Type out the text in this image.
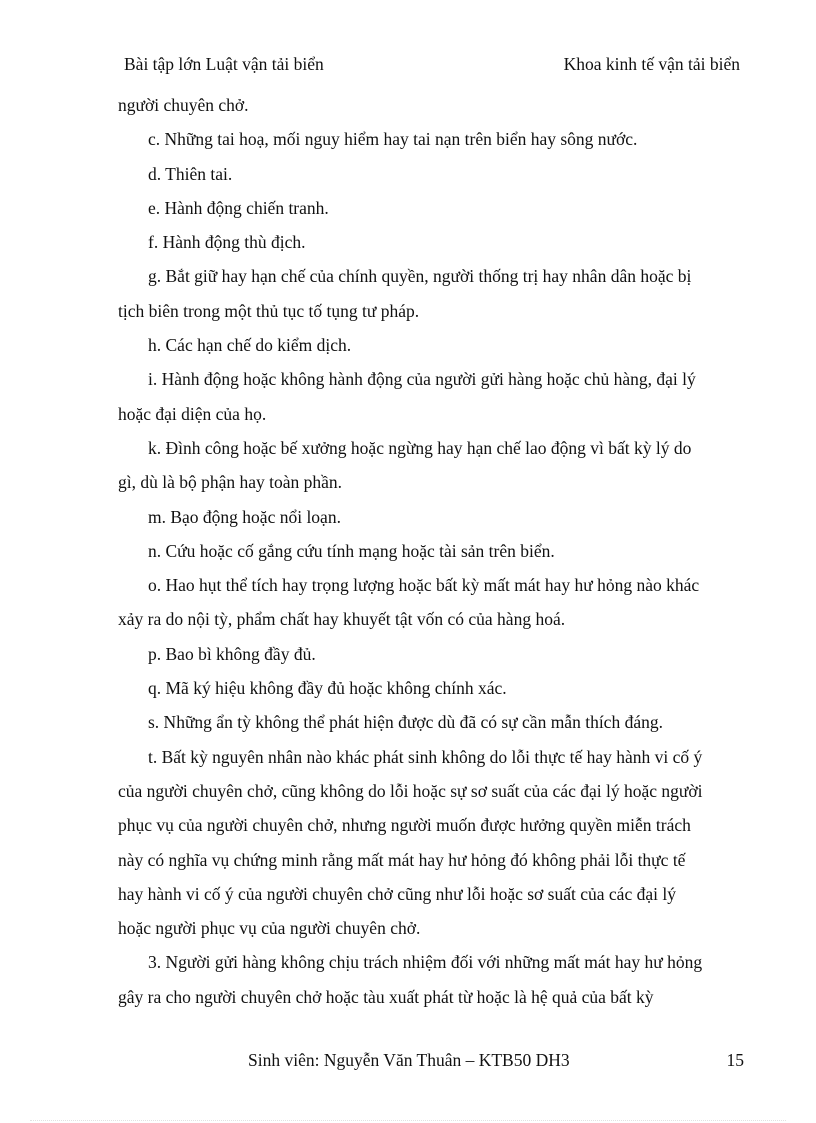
Bài tập lớn Luật vận tải biển	Khoa kinh tế vận tải biển
người chuyên chở.
c. Những tai hoạ, mối nguy hiểm hay tai nạn trên biển hay sông nước.
d. Thiên tai.
e. Hành động chiến tranh.
f. Hành động thù địch.
g. Bắt giữ hay hạn chế của chính quyền, người thống trị hay nhân dân hoặc bị
tịch biên trong một thủ tục tố tụng tư pháp.
h. Các hạn chế do kiểm dịch.
i. Hành động hoặc không hành động của người gửi hàng hoặc chủ hàng, đại lý
hoặc đại diện của họ.
k. Đình công hoặc bế xưởng hoặc ngừng hay hạn chế lao động vì bất kỳ lý do
gì, dù là bộ phận hay toàn phần.
m. Bạo động hoặc nổi loạn.
n. Cứu hoặc cố gắng cứu tính mạng hoặc tài sản trên biển.
o. Hao hụt thể tích hay trọng lượng hoặc bất kỳ mất mát hay hư hỏng nào khác
xảy ra do nội tỳ, phẩm chất hay khuyết tật vốn có của hàng hoá.
p. Bao bì không đầy đủ.
q. Mã ký hiệu không đầy đủ hoặc không chính xác.
s. Những ẩn tỳ không thể phát hiện được dù đã có sự cần mẫn thích đáng.
t. Bất kỳ nguyên nhân nào khác phát sinh không do lỗi thực tế hay hành vi cố ý
của người chuyên chở, cũng không do lỗi hoặc sự sơ suất của các đại lý hoặc người
phục vụ của người chuyên chở, nhưng người muốn được hưởng quyền miễn trách
này có nghĩa vụ chứng minh rằng mất mát hay hư hỏng đó không phải lỗi thực tế
hay hành vi cố ý của người chuyên chở cũng như lỗi hoặc sơ suất của các đại lý
hoặc người phục vụ của người chuyên chở.
3. Người gửi hàng không chịu trách nhiệm đối với những mất mát hay hư hỏng
gây ra cho người chuyên chở hoặc tàu xuất phát từ hoặc là hệ quả của bất kỳ
Sinh viên: Nguyễn Văn Thuân – KTB50 DH3	15
